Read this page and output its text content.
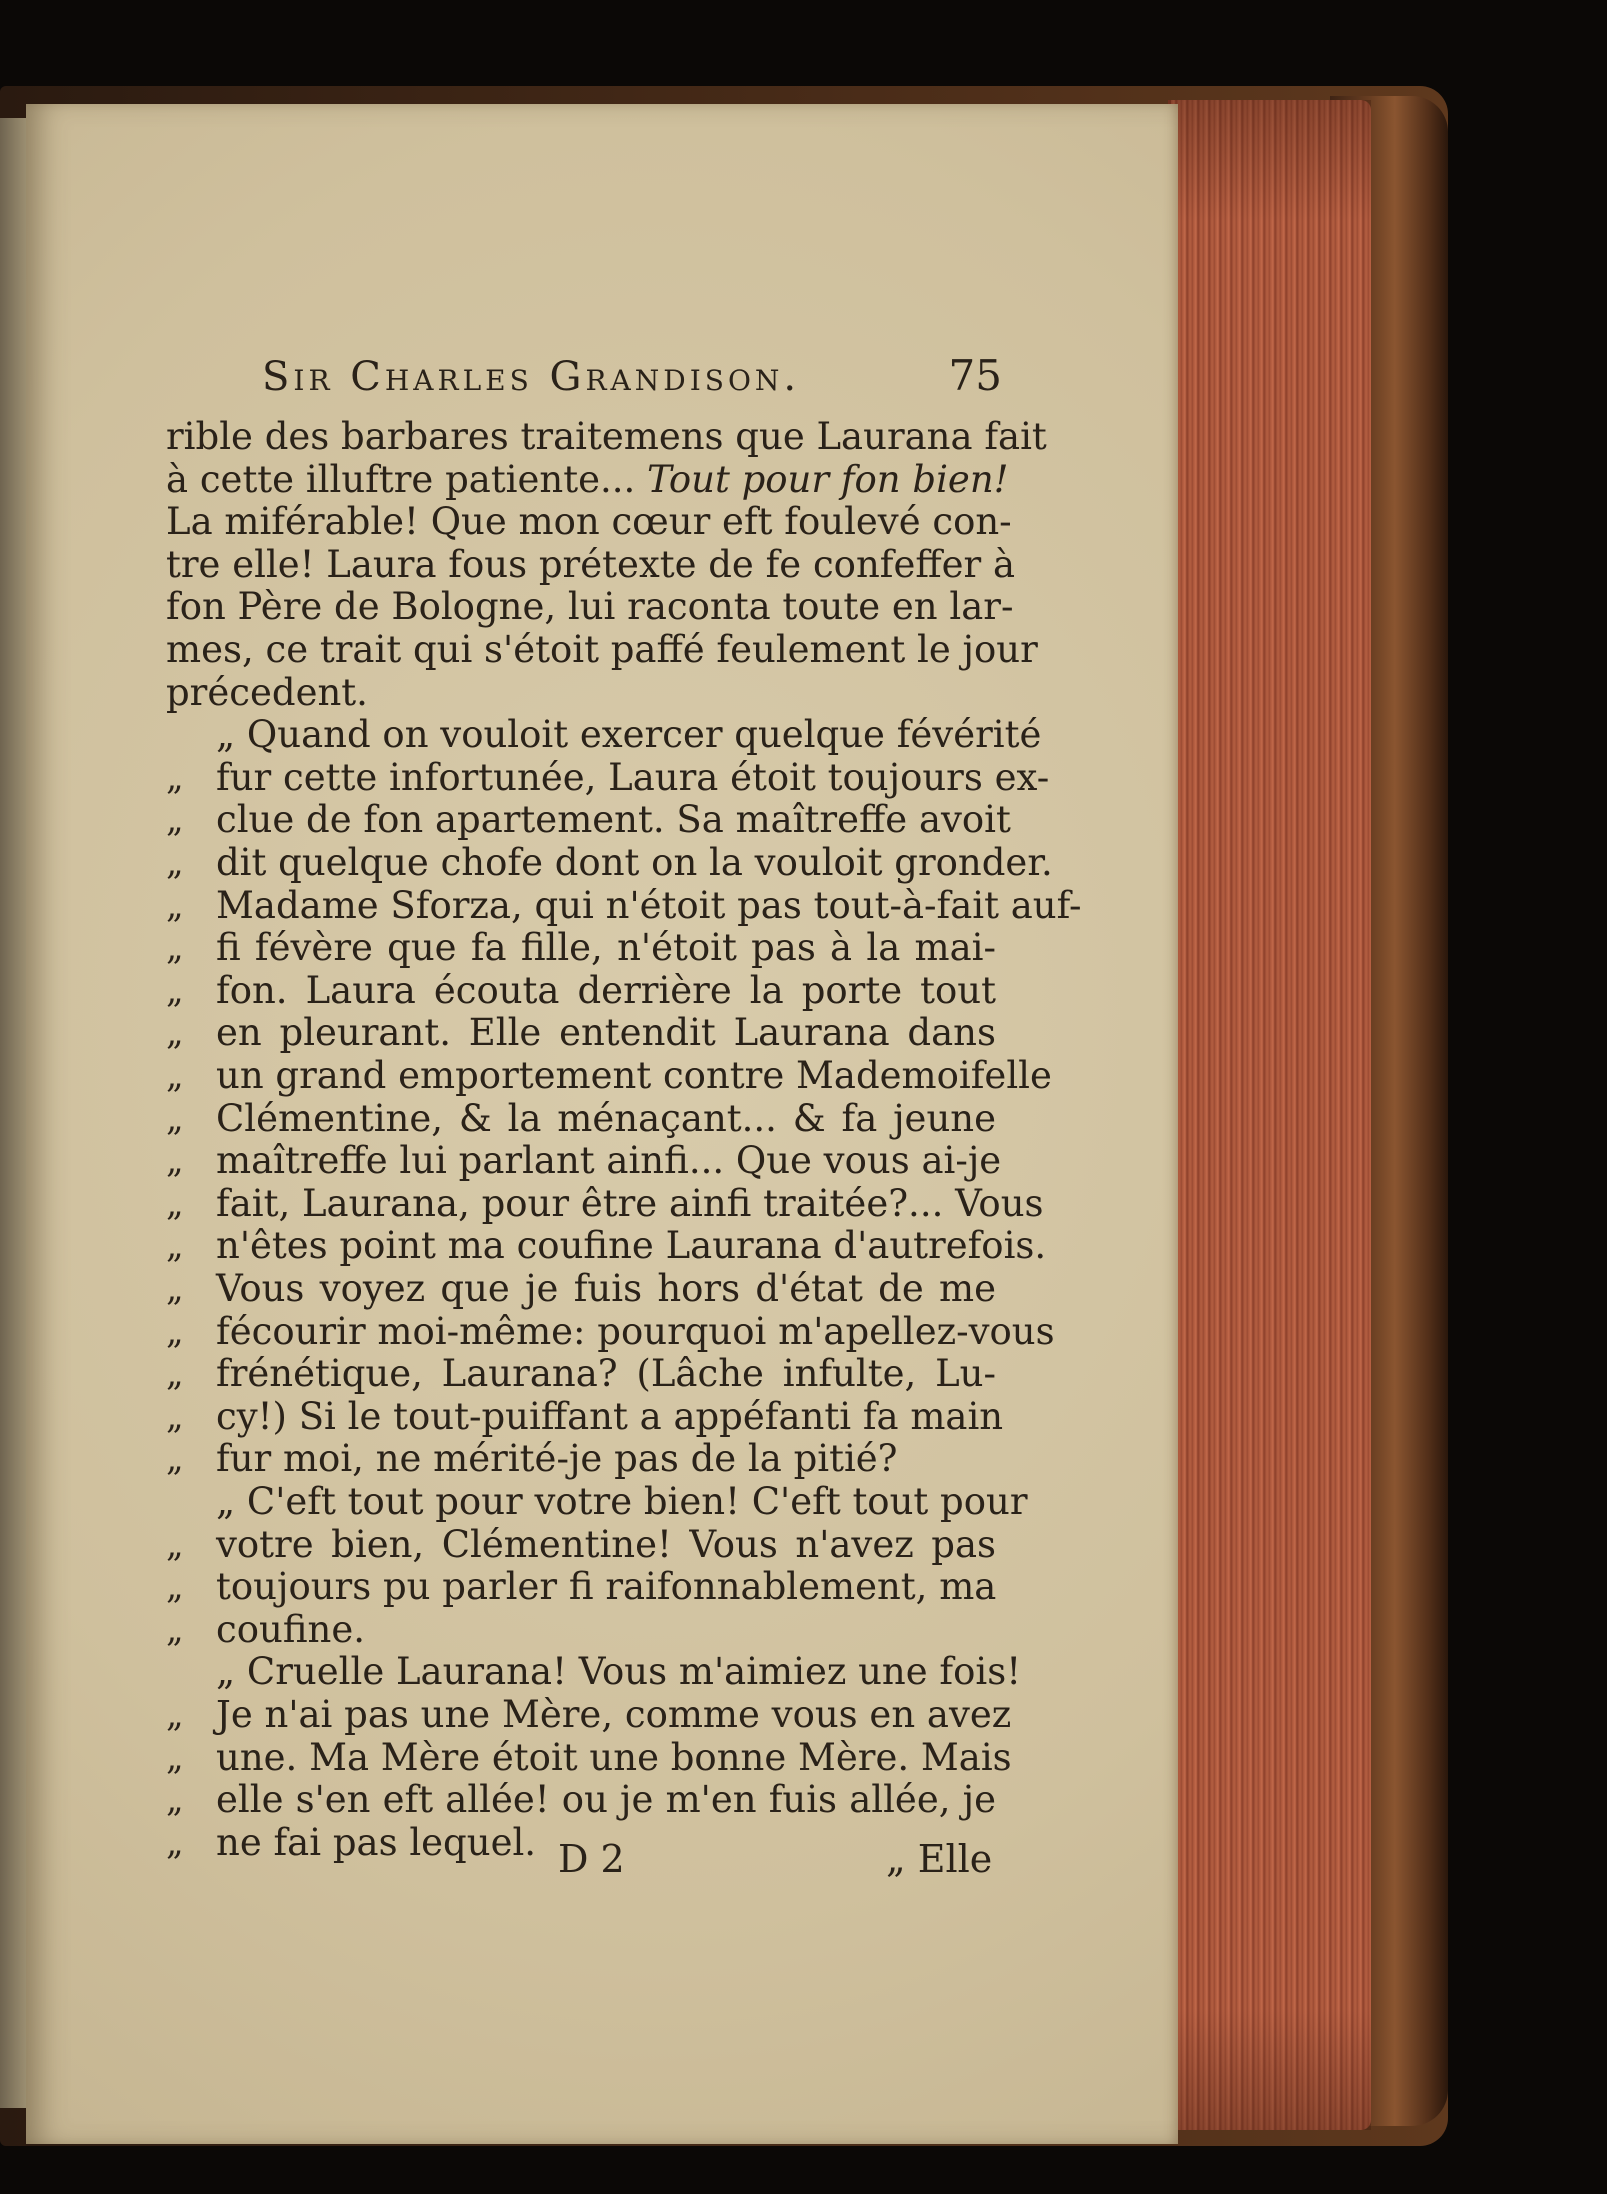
Sir Charles Grandison.	75
D 2	„ Elle
rible des barbares traitemens que Laurana fait
à cette illuftre patiente... Tout pour fon bien!
La miférable! Que mon cœur eft foulevé con-
tre elle! Laura fous prétexte de fe confeffer à
fon Père de Bologne, lui raconta toute en lar-
mes, ce trait qui s'étoit paffé feulement le jour
précedent.
„ Quand on vouloit exercer quelque févérité
„ fur cette infortunée, Laura étoit toujours ex-
„ clue de fon apartement. Sa maîtreffe avoit
„ dit quelque chofe dont on la vouloit gronder.
„ Madame Sforza, qui n'étoit pas tout-à-fait auf-
„ fi févère que fa fille, n'étoit pas à la mai-
„ fon. Laura écouta derrière la porte tout
„ en pleurant. Elle entendit Laurana dans
„ un grand emportement contre Mademoifelle
„ Clémentine, & la ménaçant... & fa jeune
„ maîtreffe lui parlant ainfi... Que vous ai-je
„ fait, Laurana, pour être ainfi traitée?... Vous
„ n'êtes point ma coufine Laurana d'autrefois.
„ Vous voyez que je fuis hors d'état de me
„ fécourir moi-même: pourquoi m'apellez-vous
„ frénétique, Laurana? (Lâche infulte, Lu-
„ cy!) Si le tout-puiffant a appéfanti fa main
„ fur moi, ne mérité-je pas de la pitié?
„ C'eft tout pour votre bien! C'eft tout pour
„ votre bien, Clémentine! Vous n'avez pas
„ toujours pu parler fi raifonnablement, ma
„ coufine.
„ Cruelle Laurana! Vous m'aimiez une fois!
„ Je n'ai pas une Mère, comme vous en avez
„ une. Ma Mère étoit une bonne Mère. Mais
„ elle s'en eft allée! ou je m'en fuis allée, je
„ ne fai pas lequel.
